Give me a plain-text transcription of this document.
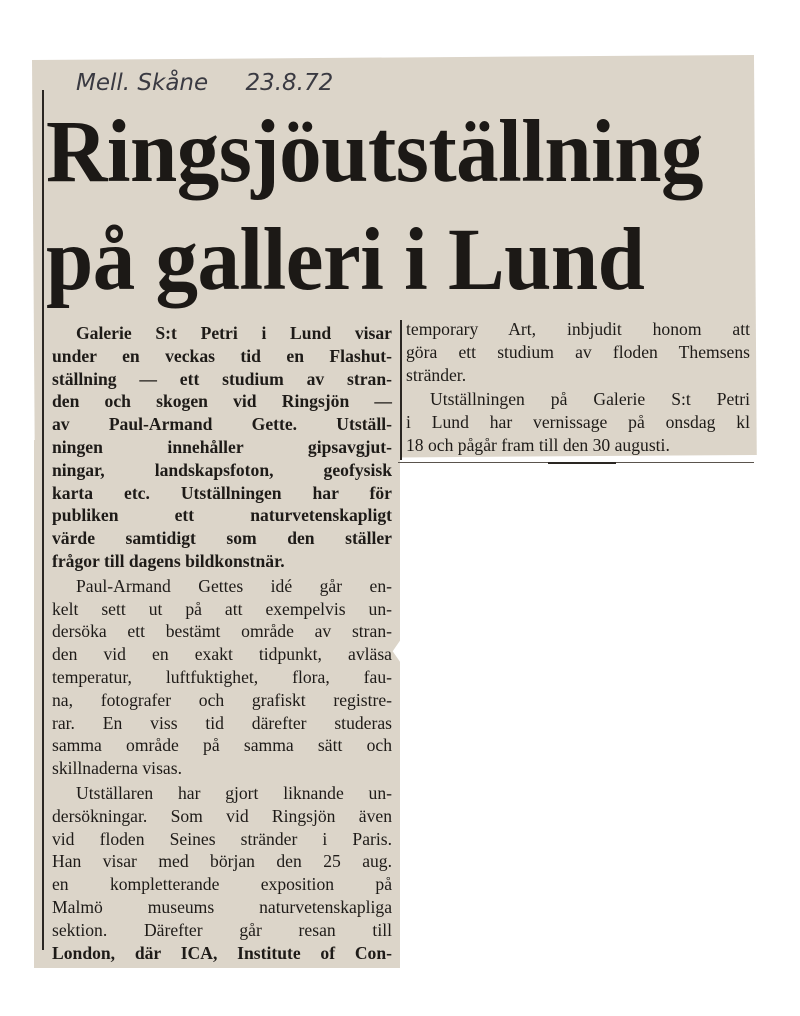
Mell. Skåne 23.8.72
Ringsjöutställning
på galleri i Lund

Galerie S:t Petri i Lund visar
under en veckas tid en Flashut-
ställning — ett studium av stran-
den och skogen vid Ringsjön —
av Paul-Armand Gette. Utställ-
ningen innehåller gipsavgjut-
ningar, landskapsfoton, geofysisk
karta etc. Utställningen har för
publiken ett naturvetenskapligt
värde samtidigt som den ställer
frågor till dagens bildkonstnär.

Paul-Armand Gettes idé går en-
kelt sett ut på att exempelvis un-
dersöka ett bestämt område av stran-
den vid en exakt tidpunkt, avläsa
temperatur, luftfuktighet, flora, fau-
na, fotografer och grafiskt registre-
rar. En viss tid därefter studeras
samma område på samma sätt och
skillnaderna visas.

Utställaren har gjort liknande un-
dersökningar. Som vid Ringsjön även
vid floden Seines stränder i Paris.
Han visar med början den 25 aug.
en kompletterande exposition på
Malmö museums naturvetenskapliga
sektion. Därefter går resan till
London, där ICA, Institute of Con-

temporary Art, inbjudit honom att
göra ett studium av floden Themsens
stränder.

Utställningen på Galerie S:t Petri
i Lund har vernissage på onsdag kl
18 och pågår fram till den 30 augusti.
